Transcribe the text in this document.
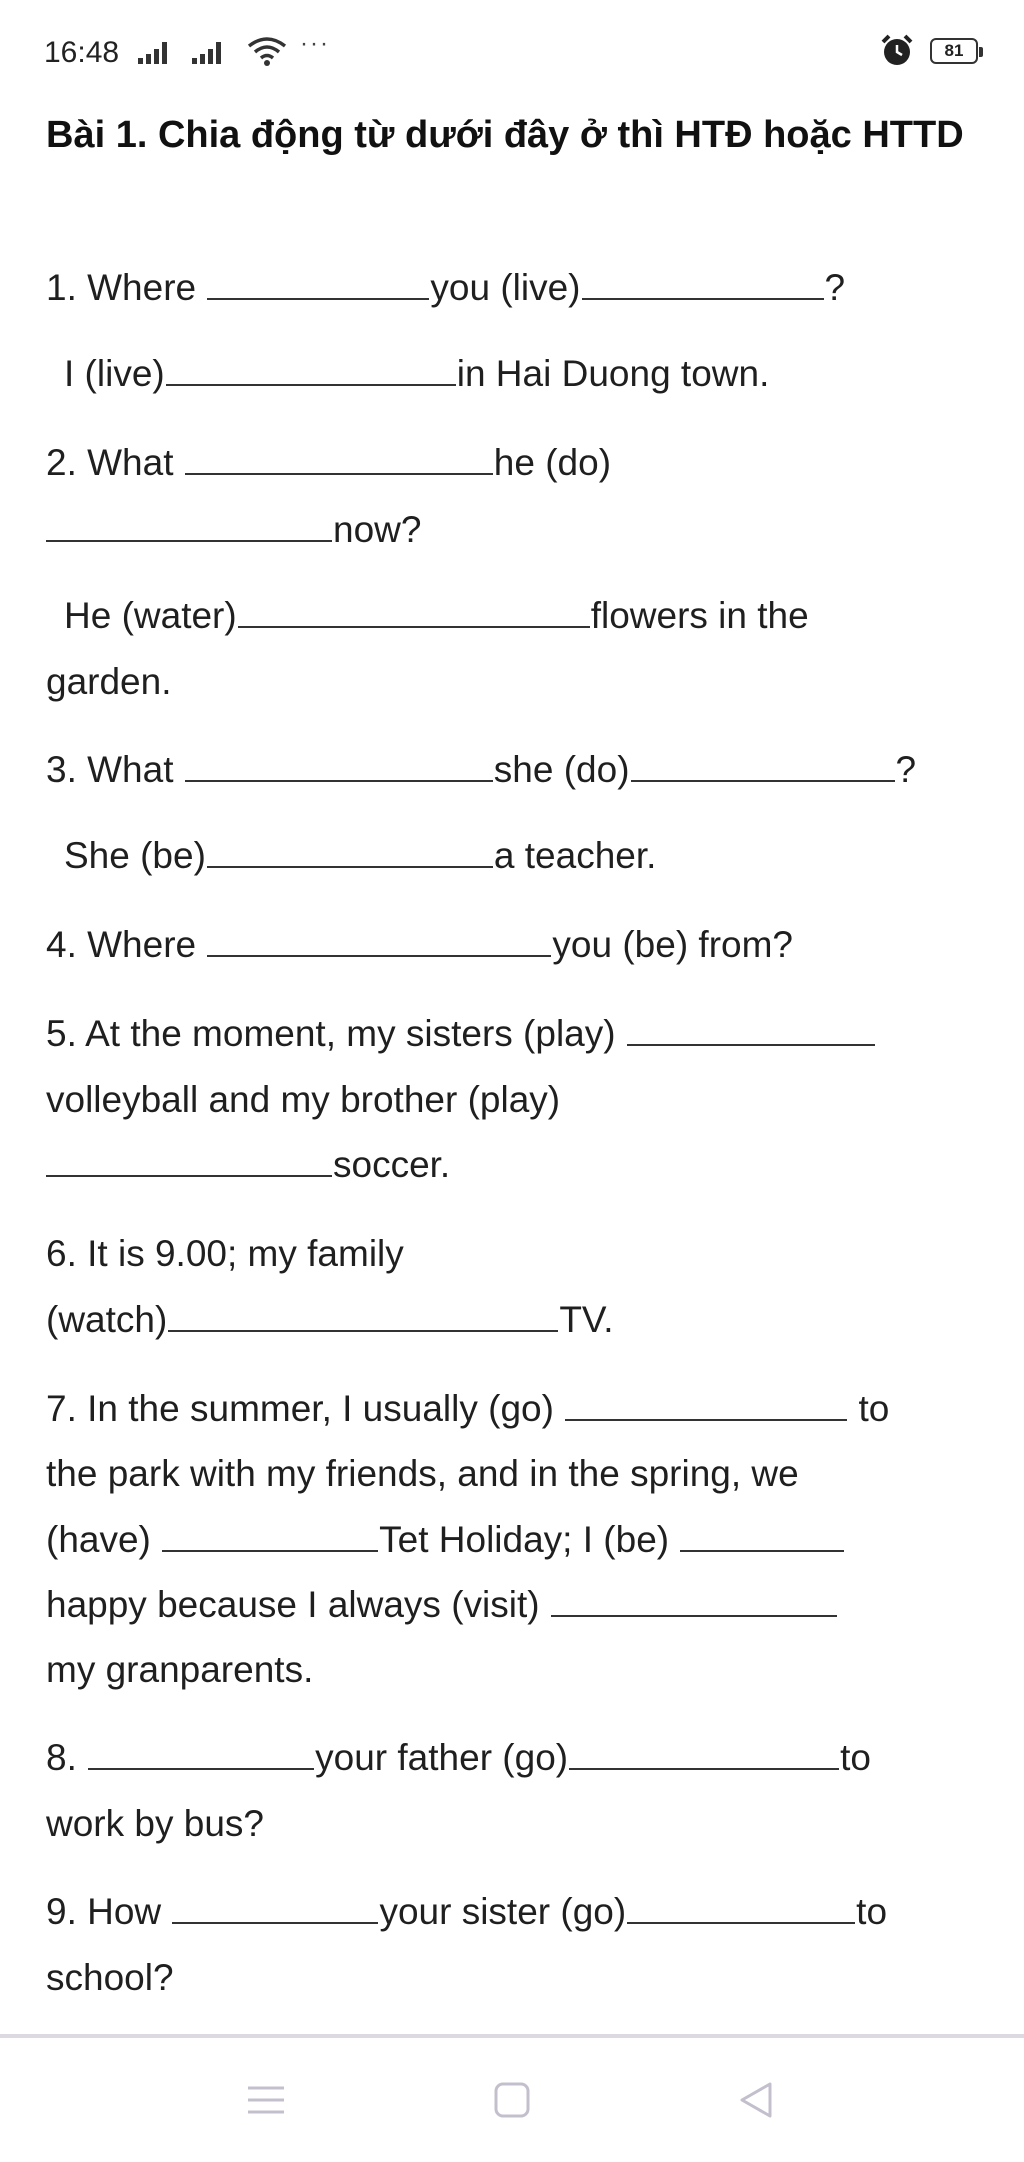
16:48	···	81
Bài 1. Chia động từ dưới đây ở thì HTĐ hoặc HTTD
1. Where	you (live)	?
I (live)	in Hai Duong town.
2. What	he (do)
now?
He (water)	flowers in the
garden.
3. What	she (do)	?
She (be)	a teacher.
4. Where	you (be) from?
5. At the moment, my sisters (play)
volleyball and my brother (play)
soccer.
6. It is 9.00; my family
(watch)	TV.
7. In the summer, I usually (go)	to
the park with my friends, and in the spring, we
(have)	Tet Holiday; I (be)
happy because I always (visit)
my granparents.
8.	your father (go)	to
work by bus?
9. How	your sister (go)	to
school?
